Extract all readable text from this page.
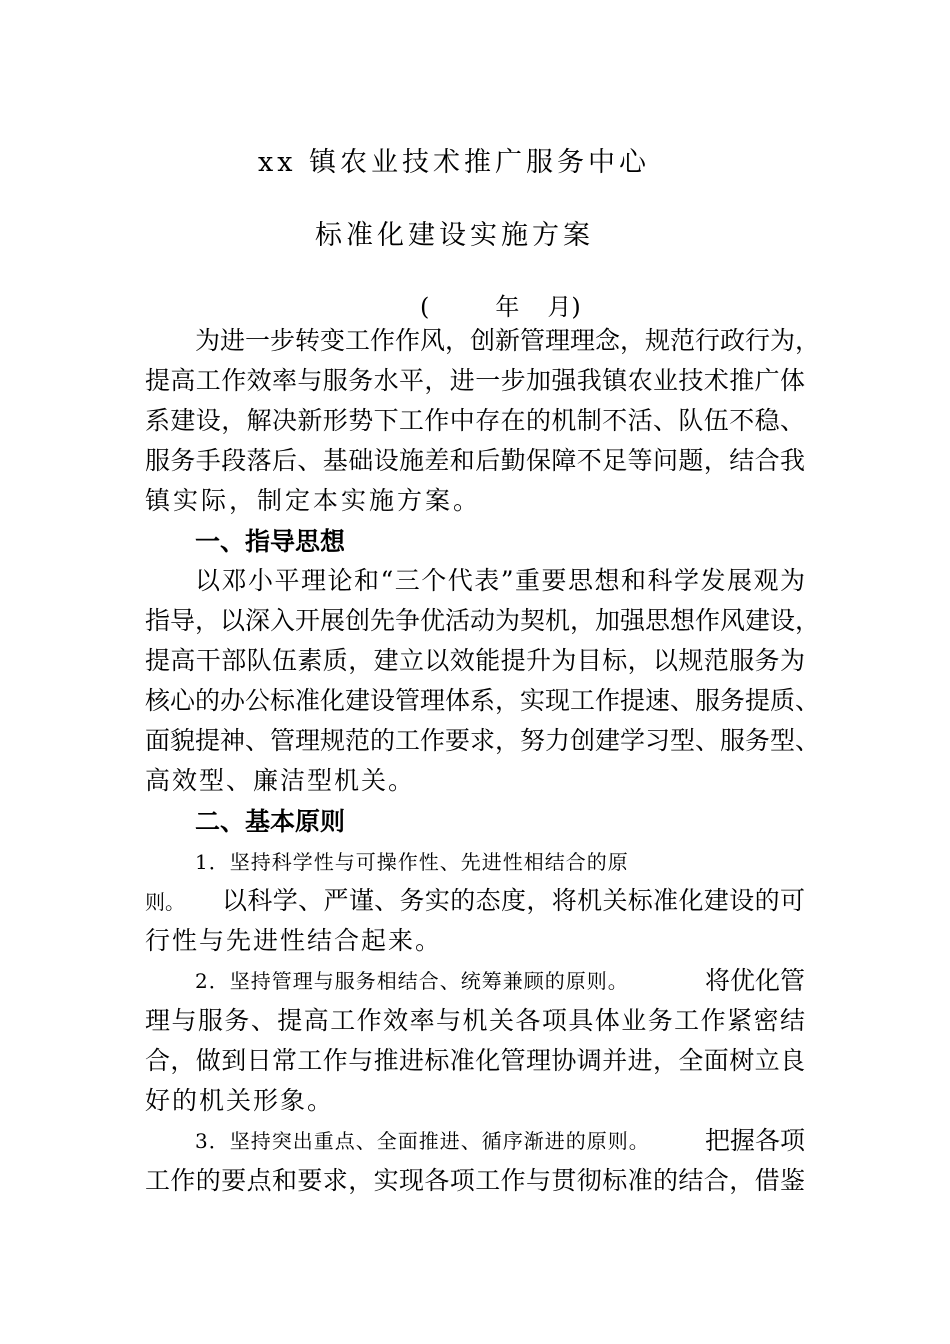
xx 镇农业技术推广服务中心
标准化建设实施方案
(	年 月)

为进一步转变工作作风，创新管理理念，规范行政行为，

提高工作效率与服务水平，进一步加强我镇农业技术推广体

系建设，解决新形势下工作中存在的机制不活、队伍不稳、

服务手段落后、基础设施差和后勤保障不足等问题，结合我

镇实际，制定本实施方案。

一、指导思想

以邓小平理论和“三个代表”重要思想和科学发展观为

指导，以深入开展创先争优活动为契机，加强思想作风建设，

提高干部队伍素质，建立以效能提升为目标，以规范服务为

核心的办公标准化建设管理体系，实现工作提速、服务提质、

面貌提神、管理规范的工作要求，努力创建学习型、服务型、

高效型、廉洁型机关。

二、基本原则

1．坚持科学性与可操作性、先进性相结合的原

则。	以科学、严谨、务实的态度，将机关标准化建设的可

行性与先进性结合起来。

2．坚持管理与服务相结合、统筹兼顾的原则。	将优化管

理与服务、提高工作效率与机关各项具体业务工作紧密结

合，做到日常工作与推进标准化管理协调并进，全面树立良

好的机关形象。

3．坚持突出重点、全面推进、循序渐进的原则。	把握各项

工作的要点和要求，实现各项工作与贯彻标准的结合，借鉴
